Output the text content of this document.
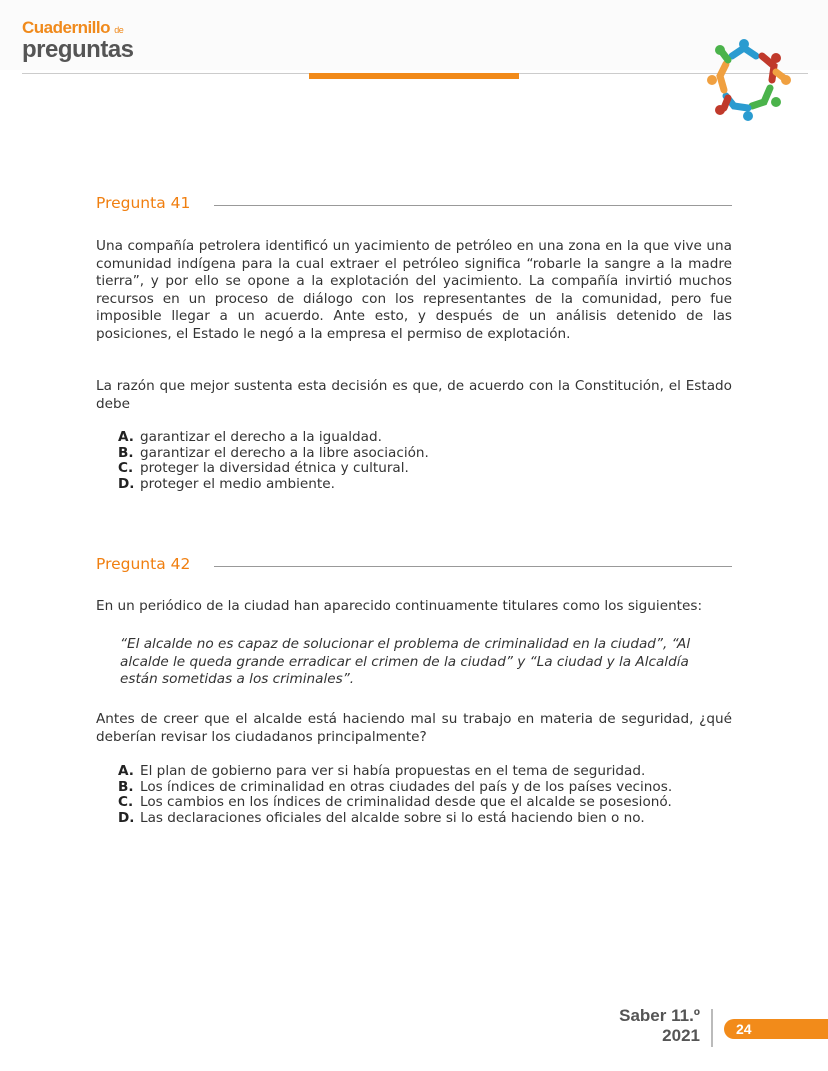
Cuadernillo de
preguntas
Pregunta 41
Una compañía petrolera identificó un yacimiento de petróleo en una zona en la que vive una comunidad indígena para la cual extraer el petróleo significa “robarle la sangre a la madre tierra”, y por ello se opone a la explotación del yacimiento. La compañía invirtió muchos recursos en un proceso de diálogo con los representantes de la comunidad, pero fue imposible llegar a un acuerdo. Ante esto, y después de un análisis detenido de las posiciones, el Estado le negó a la empresa el permiso de explotación.
La razón que mejor sustenta esta decisión es que, de acuerdo con la Constitución, el Estado debe
A. garantizar el derecho a la igualdad.
B. garantizar el derecho a la libre asociación.
C. proteger la diversidad étnica y cultural.
D. proteger el medio ambiente.
Pregunta 42
En un periódico de la ciudad han aparecido continuamente titulares como los siguientes:
“El alcalde no es capaz de solucionar el problema de criminalidad en la ciudad”, “Al alcalde le queda grande erradicar el crimen de la ciudad” y “La ciudad y la Alcaldía están sometidas a los criminales”.
Antes de creer que el alcalde está haciendo mal su trabajo en materia de seguridad, ¿qué deberían revisar los ciudadanos principalmente?
A. El plan de gobierno para ver si había propuestas en el tema de seguridad.
B. Los índices de criminalidad en otras ciudades del país y de los países vecinos.
C. Los cambios en los índices de criminalidad desde que el alcalde se posesionó.
D. Las declaraciones oficiales del alcalde sobre si lo está haciendo bien o no.
Saber 11.º
2021	24
